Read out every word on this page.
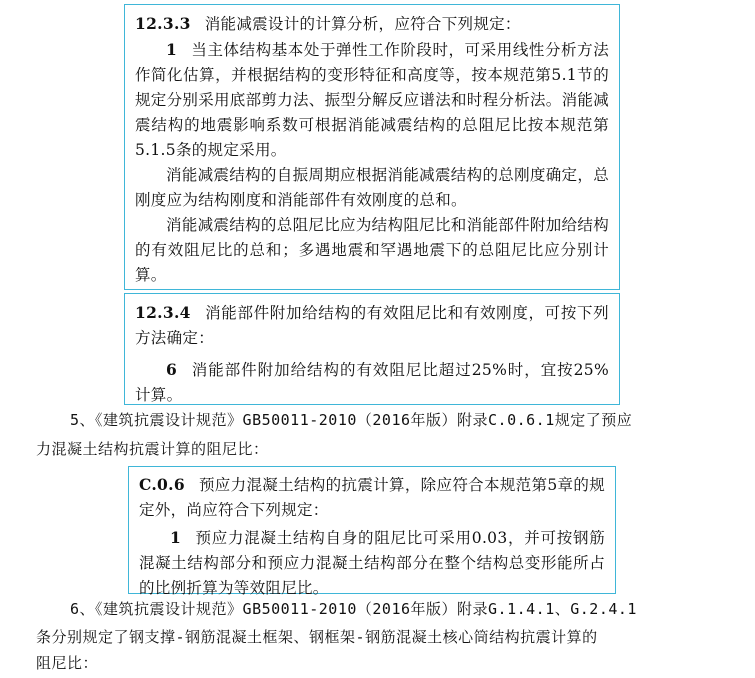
12.3.3 消能减震设计的计算分析，应符合下列规定：

1 当主体结构基本处于弹性工作阶段时，可采用线性分析方法作简化估算，并根据结构的变形特征和高度等，按本规范第5.1节的规定分别采用底部剪力法、振型分解反应谱法和时程分析法。消能减震结构的地震影响系数可根据消能减震结构的总阻尼比按本规范第5.1.5条的规定采用。

消能减震结构的自振周期应根据消能减震结构的总刚度确定，总刚度应为结构刚度和消能部件有效刚度的总和。

消能减震结构的总阻尼比应为结构阻尼比和消能部件附加给结构的有效阻尼比的总和；多遇地震和罕遇地震下的总阻尼比应分别计算。

12.3.4 消能部件附加给结构的有效阻尼比和有效刚度，可按下列方法确定：

6 消能部件附加给结构的有效阻尼比超过25%时，宜按25%计算。

5、《建筑抗震设计规范》GB50011-2010（2016年版）附录C.0.6.1规定了预应

力混凝土结构抗震计算的阻尼比：

C.0.6 预应力混凝土结构的抗震计算，除应符合本规范第5章的规定外，尚应符合下列规定：

1 预应力混凝土结构自身的阻尼比可采用0.03，并可按钢筋混凝土结构部分和预应力混凝土结构部分在整个结构总变形能所占的比例折算为等效阻尼比。

6、《建筑抗震设计规范》GB50011-2010（2016年版）附录G.1.4.1、G.2.4.1

条分别规定了钢支撑-钢筋混凝土框架、钢框架-钢筋混凝土核心筒结构抗震计算的

阻尼比：
